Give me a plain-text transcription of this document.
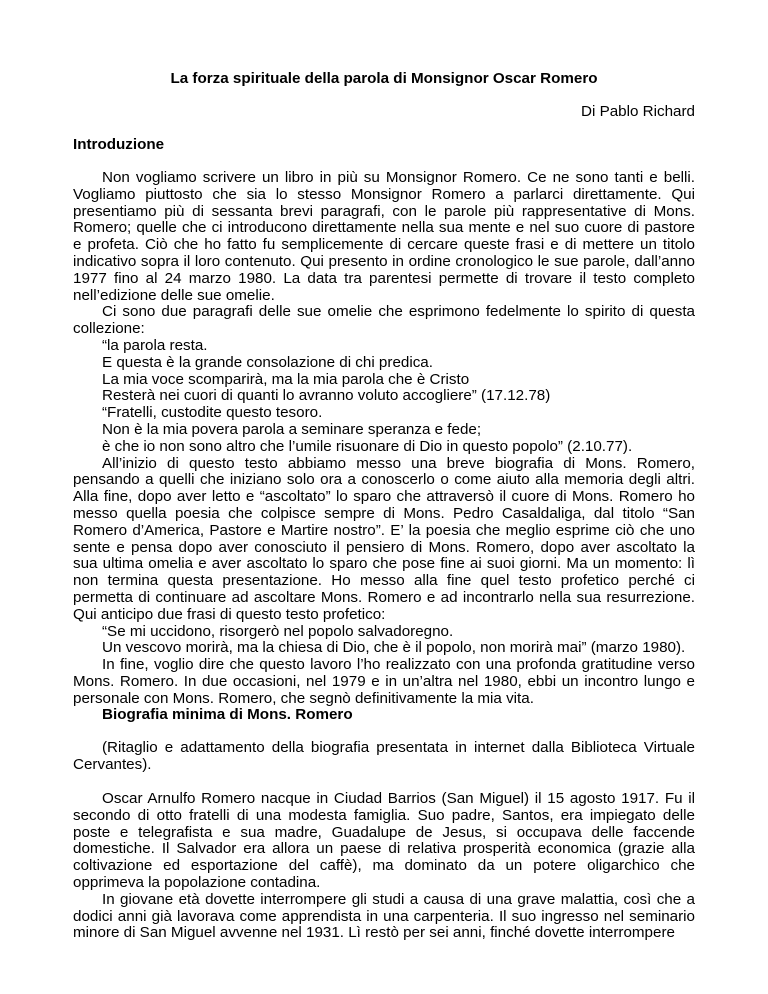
La forza spirituale della parola di Monsignor Oscar Romero
Di Pablo Richard
Introduzione

Non vogliamo scrivere un libro in più su Monsignor Romero. Ce ne sono tanti e belli. Vogliamo piuttosto che sia lo stesso Monsignor Romero a parlarci direttamente. Qui presentiamo più di sessanta brevi paragrafi, con le parole più rappresentative di Mons. Romero; quelle che ci introducono direttamente nella sua mente e nel suo cuore di pastore e profeta. Ciò che ho fatto fu semplicemente di cercare queste frasi e di mettere un titolo indicativo sopra il loro contenuto. Qui presento in ordine cronologico le sue parole, dall’anno 1977 fino al 24 marzo 1980. La data tra parentesi permette di trovare il testo completo nell’edizione delle sue omelie.

Ci sono due paragrafi delle sue omelie che esprimono fedelmente lo spirito di questa collezione:

“la parola resta.

E questa è la grande consolazione di chi predica.

La mia voce scomparirà, ma la mia parola che è Cristo

Resterà nei cuori di quanti lo avranno voluto accogliere” (17.12.78)

“Fratelli, custodite questo tesoro.

Non è la mia povera parola a seminare speranza e fede;

è che io non sono altro che l’umile risuonare di Dio in questo popolo” (2.10.77).

All’inizio di questo testo abbiamo messo una breve biografia di Mons. Romero, pensando a quelli che iniziano solo ora a conoscerlo o come aiuto alla memoria degli altri. Alla fine, dopo aver letto e “ascoltato” lo sparo che attraversò il cuore di Mons. Romero ho messo quella poesia che colpisce sempre di Mons. Pedro Casaldaliga, dal titolo “San Romero d’America, Pastore e Martire nostro”. E’ la poesia che meglio esprime ciò che uno sente e pensa dopo aver conosciuto il pensiero di Mons. Romero, dopo aver ascoltato la sua ultima omelia e aver ascoltato lo sparo che pose fine ai suoi giorni. Ma un momento: lì non termina questa presentazione. Ho messo alla fine quel testo profetico perché ci permetta di continuare ad ascoltare Mons. Romero e ad incontrarlo nella sua resurrezione. Qui anticipo due frasi di questo testo profetico:

“Se mi uccidono, risorgerò nel popolo salvadoregno.

Un vescovo morirà, ma la chiesa di Dio, che è il popolo, non morirà mai” (marzo 1980).

In fine, voglio dire che questo lavoro l’ho realizzato con una profonda gratitudine verso Mons. Romero. In due occasioni, nel 1979 e in un’altra nel 1980, ebbi un incontro lungo e personale con Mons. Romero, che segnò definitivamente la mia vita.

Biografia minima di Mons. Romero

(Ritaglio e adattamento della biografia presentata in internet dalla Biblioteca Virtuale Cervantes).

Oscar Arnulfo Romero nacque in Ciudad Barrios (San Miguel) il 15 agosto 1917. Fu il secondo di otto fratelli di una modesta famiglia. Suo padre, Santos, era impiegato delle poste e telegrafista e sua madre, Guadalupe de Jesus, si occupava delle faccende domestiche. Il Salvador era allora un paese di relativa prosperità economica (grazie alla coltivazione ed esportazione del caffè), ma dominato da un potere oligarchico che opprimeva la popolazione contadina.

In giovane età dovette interrompere gli studi a causa di una grave malattia, così che a dodici anni già lavorava come apprendista in una carpenteria. Il suo ingresso nel seminario minore di San Miguel avvenne nel 1931. Lì restò per sei anni, finché dovette interrompere
